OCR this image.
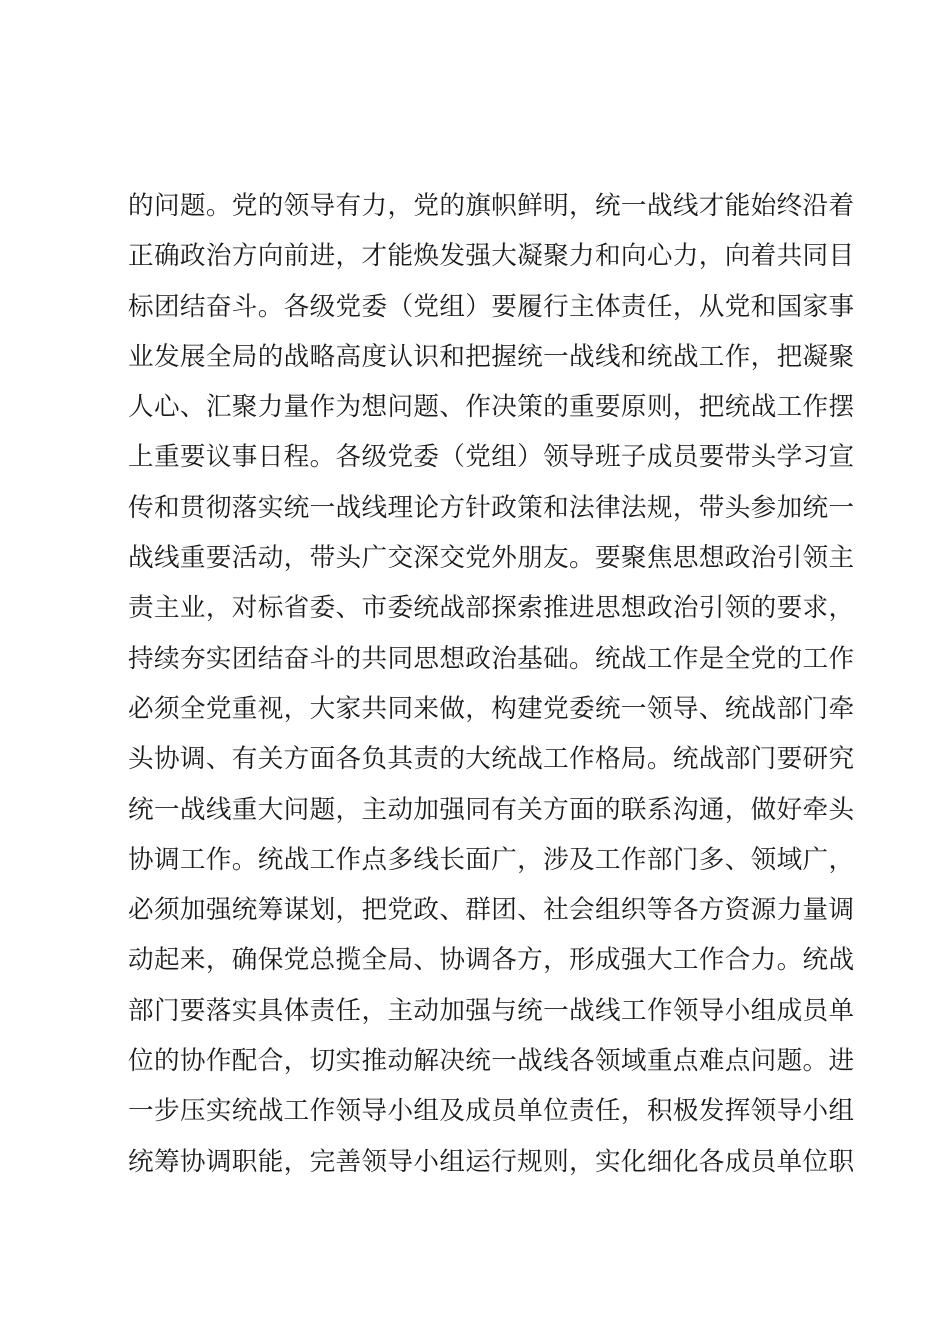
的问题。党的领导有力，党的旗帜鲜明，统一战线才能始终沿着
正确政治方向前进，才能焕发强大凝聚力和向心力，向着共同目
标团结奋斗。各级党委（党组）要履行主体责任，从党和国家事
业发展全局的战略高度认识和把握统一战线和统战工作，把凝聚
人心、汇聚力量作为想问题、作决策的重要原则，把统战工作摆
上重要议事日程。各级党委（党组）领导班子成员要带头学习宣
传和贯彻落实统一战线理论方针政策和法律法规，带头参加统一
战线重要活动，带头广交深交党外朋友。要聚焦思想政治引领主
责主业，对标省委、市委统战部探索推进思想政治引领的要求，
持续夯实团结奋斗的共同思想政治基础。统战工作是全党的工作
必须全党重视，大家共同来做，构建党委统一领导、统战部门牵
头协调、有关方面各负其责的大统战工作格局。统战部门要研究
统一战线重大问题，主动加强同有关方面的联系沟通，做好牵头
协调工作。统战工作点多线长面广，涉及工作部门多、领域广，
必须加强统筹谋划，把党政、群团、社会组织等各方资源力量调
动起来，确保党总揽全局、协调各方，形成强大工作合力。统战
部门要落实具体责任，主动加强与统一战线工作领导小组成员单
位的协作配合，切实推动解决统一战线各领域重点难点问题。进
一步压实统战工作领导小组及成员单位责任，积极发挥领导小组
统筹协调职能，完善领导小组运行规则，实化细化各成员单位职
